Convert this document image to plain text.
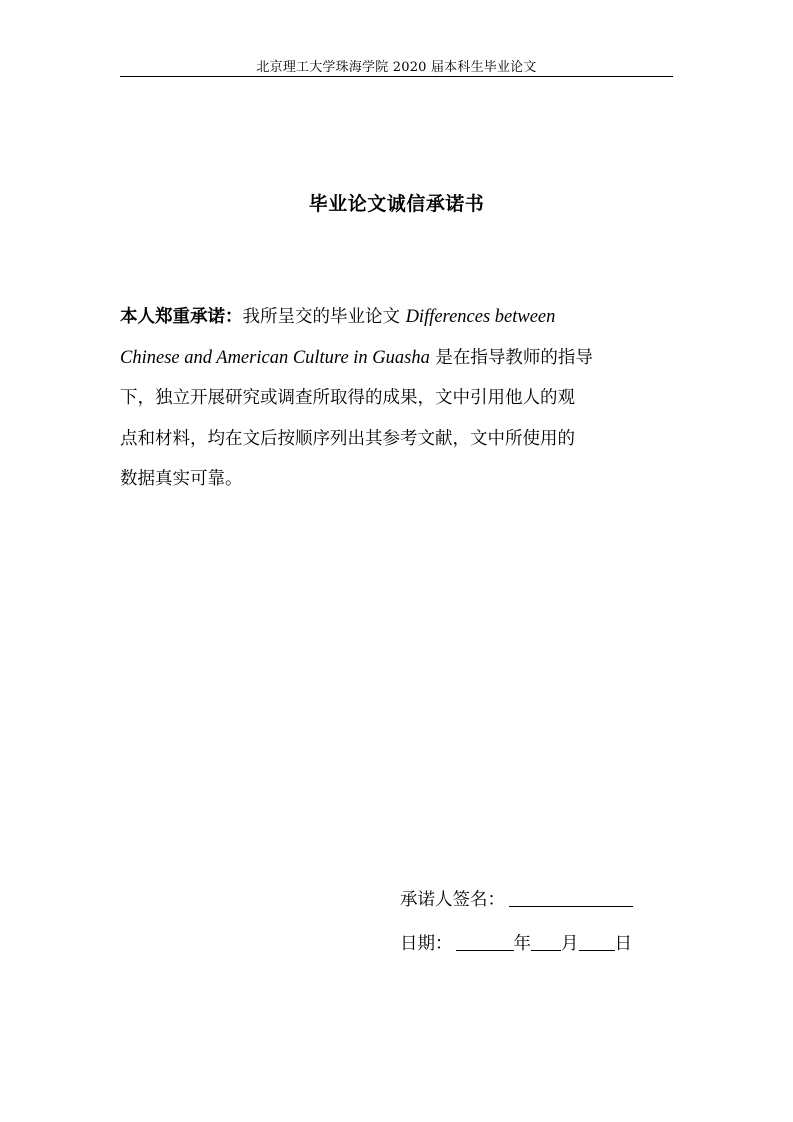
北京理工大学珠海学院 2020 届本科生毕业论文
毕业论文诚信承诺书
本人郑重承诺：我所呈交的毕业论文 Differences between
Chinese and American Culture in Guasha 是在指导教师的指导
下，独立开展研究或调查所取得的成果，文中引用他人的观
点和材料，均在文后按顺序列出其参考文献，文中所使用的
数据真实可靠。
承诺人签名：
日期：	年 月 日
